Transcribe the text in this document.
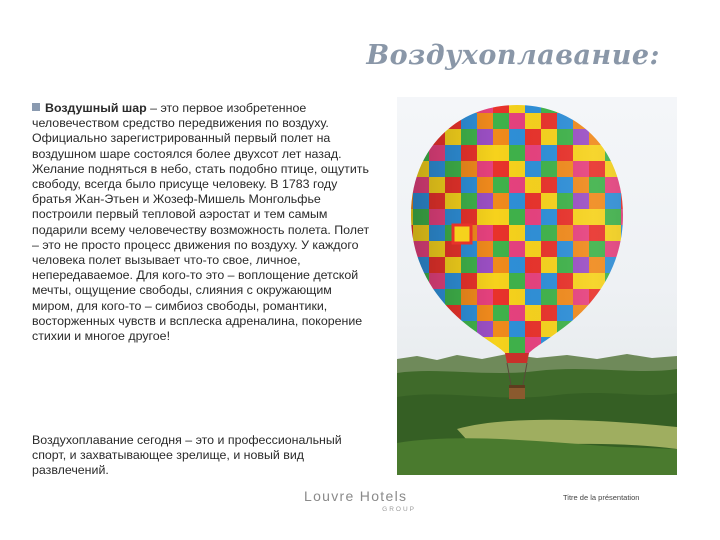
Воздухоплавание:
Воздушный шар – это первое изобретенное человечеством средство передвижения по воздуху. Официально зарегистрированный первый полет на воздушном шаре состоялся более двухсот лет назад. Желание подняться в небо, стать подобно птице, ощутить свободу, всегда было присуще человеку. В 1783 году братья Жан-Этьен и Жозеф-Мишель Монгольфье построили первый тепловой аэростат и тем самым подарили всему человечеству возможность полета. Полет – это не просто процесс движения по воздуху. У каждого человека полет вызывает что-то свое, личное, непередаваемое. Для кого-то это – воплощение детской мечты, ощущение свободы, слияния с окружающим миром, для кого-то – симбиоз свободы, романтики, восторженных чувств и всплеска адреналина, покорение стихии и многое другое!
Воздухоплавание сегодня – это и профессиональный спорт, и захватывающее зрелище, и новый вид развлечений.
Louvre Hotels
GROUP
Titre de la présentation
